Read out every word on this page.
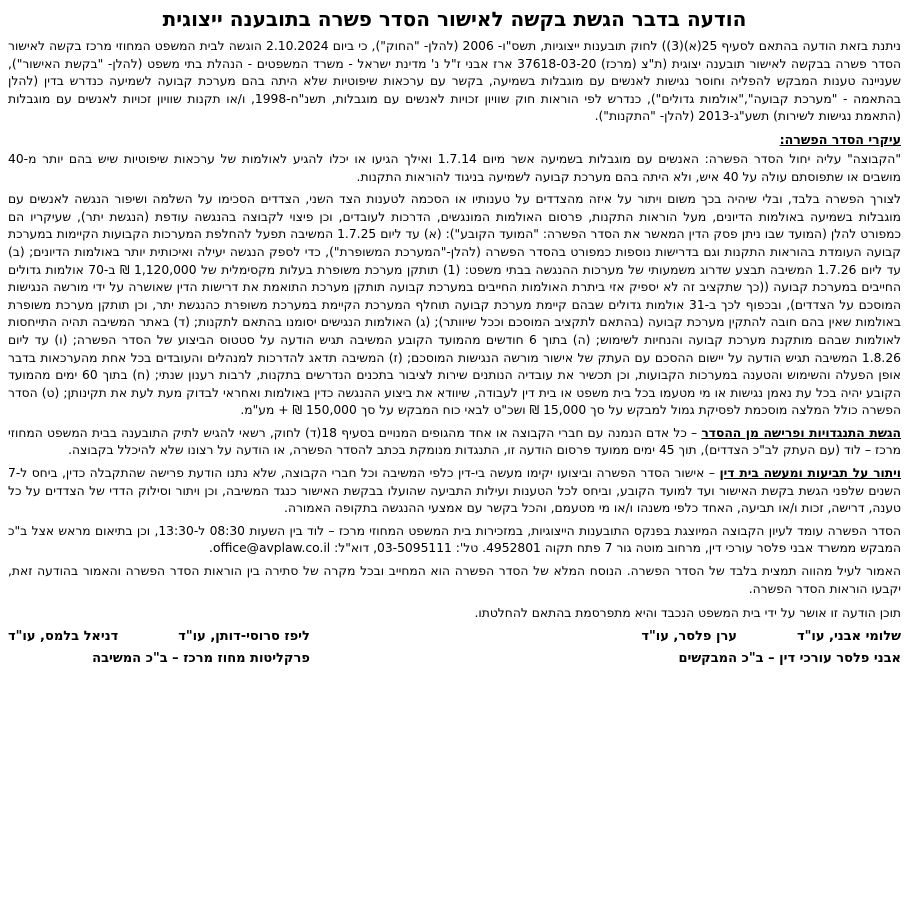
הודעה בדבר הגשת בקשה לאישור הסדר פשרה בתובענה ייצוגית

ניתנת בזאת הודעה בהתאם לסעיף 25(א)(3)) לחוק תובענות ייצוגיות, תשס"ו- 2006 (להלן- "החוק"), כי ביום 2.10.2024 הוגשה לבית המשפט המחוזי מרכז בקשה לאישור הסדר פשרה בבקשה לאישור תובענה יצוגית (ת"צ (מרכז) 37618-03-20 ארז אבני ז"ל נ' מדינת ישראל - משרד המשפטים - הנהלת בתי משפט (להלן- "בקשת האישור"), שעניינה טענות המבקש להפליה וחוסר נגישות לאנשים עם מוגבלות בשמיעה, בקשר עם ערכאות שיפוטיות שלא היתה בהם מערכת קבועה לשמיעה כנדרש בדין (להלן בהתאמה - "מערכת קבועה","אולמות גדולים"), כנדרש לפי הוראות חוק שוויון זכויות לאנשים עם מוגבלות, תשנ"ח-1998, ו/או תקנות שוויון זכויות לאנשים עם מוגבלות (התאמת נגישות לשירות) תשע"ג-2013 (להלן- "התקנות").

עיקרי הסדר הפשרה:

"הקבוצה" עליה יחול הסדר הפשרה: האנשים עם מוגבלות בשמיעה אשר מיום 1.7.14 ואילך הגיעו או יכלו להגיע לאולמות של ערכאות שיפוטיות שיש בהם יותר מ-40 מושבים או שתפוסתם עולה על 40 איש, ולא היתה בהם מערכת קבועה לשמיעה בניגוד להוראות התקנות.

לצורך הפשרה בלבד, ובלי שיהיה בכך משום ויתור על איזה מהצדדים על טענותיו או הסכמה לטענות הצד השני, הצדדים הסכימו על השלמה ושיפור הנגשה לאנשים עם מוגבלות בשמיעה באולמות הדיונים, מעל הוראות התקנות, פרסום האולמות המונגשים, הדרכות לעובדים, וכן פיצוי לקבוצה בהנגשה עודפת (הנגשת יתר), שעיקריו הם כמפורט להלן (המועד שבו ניתן פסק הדין המאשר את הסדר הפשרה: "המועד הקובע"): (א) עד ליום 1.7.25 המשיבה תפעל להחלפת המערכות הקבועות הקיימות במערכת קבועה העומדת בהוראות התקנות וגם בדרישות נוספות כמפורט בהסדר הפשרה (להלן-"המערכת המשופרת"), כדי לספק הנגשה יעילה ואיכותית יותר באולמות הדיונים; (ב) עד ליום 1.7.26 המשיבה תבצע שדרוג משמעותי של מערכות ההנגשה בבתי משפט: (1) תותקן מערכת משופרת בעלות מקסימלית של 1,120,000 ₪ ב-70 אולמות גדולים החייבים במערכת קבועה ((כך שתקציב זה לא יספיק אזי ביתרת האולמות החייבים במערכת קבועה תותקן מערכת התואמת את דרישות הדין שאושרה על ידי מורשה הנגישות המוסכם על הצדדים), ובכפוף לכך ב-31 אולמות גדולים שבהם קיימת מערכת קבועה תוחלף המערכת הקיימת במערכת משופרת כהנגשת יתר, וכן תותקן מערכת משופרת באולמות שאין בהם חובה להתקין מערכת קבועה (בהתאם לתקציב המוסכם וככל שיוותר); (ג) האולמות הנגישים יסומנו בהתאם לתקנות; (ד) באתר המשיבה תהיה התייחסות לאולמות שבהם מותקנת מערכת קבועה והנחיות לשימוש; (ה) בתוך 6 חודשים מהמועד הקובע המשיבה תגיש הודעה על סטטוס הביצוע של הסדר הפשרה; (ו) עד ליום 1.8.26 המשיבה תגיש הודעה על יישום ההסכם עם העתק של אישור מורשה הנגישות המוסכם; (ז) המשיבה תדאג להדרכות למנהלים והעובדים בכל אחת מהערכאות בדבר אופן הפעלה והשימוש והטענה במערכות הקבועות, וכן תכשיר את עובדיה הנותנים שירות לציבור בתכנים הנדרשים בתקנות, לרבות רענון שנתי; (ח) בתוך 60 ימים מהמועד הקובע יהיה בכל עת נאמן נגישות או מי מטעמו בכל בית משפט או בית דין לעבודה, שיוודא את ביצוע ההנגשה כדין באולמות ואחראי לבדוק מעת לעת את תקינותן; (ט) הסדר הפשרה כולל המלצה מוסכמת לפסיקת גמול למבקש על סך 15,000 ₪ ושכ"ט לבאי כוח המבקש על סך 150,000 ₪ + מע"מ.

הגשת התנגדויות ופרישה מן ההסדר – כל אדם הנמנה עם חברי הקבוצה או אחד מהגופים המנויים בסעיף 18(ד) לחוק, רשאי להגיש לתיק התובענה בבית המשפט המחוזי מרכז – לוד (עם העתק לב"כ הצדדים), תוך 45 ימים ממועד פרסום הודעה זו, התנגדות מנומקת בכתב להסדר הפשרה, או הודעה על רצונו שלא להיכלל בקבוצה.

ויתור על תביעות ומעשה בית דין – אישור הסדר הפשרה וביצועו יקימו מעשה בי-דין כלפי המשיבה וכל חברי הקבוצה, שלא נתנו הודעת פרישה שהתקבלה כדין, ביחס ל-7 השנים שלפני הגשת בקשת האישור ועד למועד הקובע, וביחס לכל הטענות ועילות התביעה שהועלו בבקשת האישור כנגד המשיבה, וכן ויתור וסילוק הדדי של הצדדים על כל טענה, דרישה, זכות ו/או תביעה, האחד כלפי משנהו ו/או מי מטעמם, והכל בקשר עם אמצעי ההנגשה בתקופה האמורה.

הסדר הפשרה עומד לעיון הקבוצה המיוצגת בפנקס התובענות הייצוגיות, במזכירות בית המשפט המחוזי מרכז – לוד בין השעות 08:30 ל-13:30, וכן בתיאום מראש אצל ב"כ המבקש ממשרד אבני פלסר עורכי דין, מרחוב מוטה גור 7 פתח תקוה 4952801. טל': 03-5095111, דוא"ל: office@avplaw.co.il.

האמור לעיל מהווה תמצית בלבד של הסדר הפשרה. הנוסח המלא של הסדר הפשרה הוא המחייב ובכל מקרה של סתירה בין הוראות הסדר הפשרה והאמור בהודעה זאת, יקבעו הוראות הסדר הפשרה.

תוכן הודעה זו אושר על ידי בית המשפט הנכבד והיא מתפרסמת בהתאם להחלטתו.

שלומי אבני, עו"ד
ערן פלסר, עו"ד
אבני פלסר עורכי דין – ב"כ המבקשים
ליפז סרוסי-דותן, עו"ד
דניאל בלמס, עו"ד
פרקליטות מחוז מרכז – ב"כ המשיבה
